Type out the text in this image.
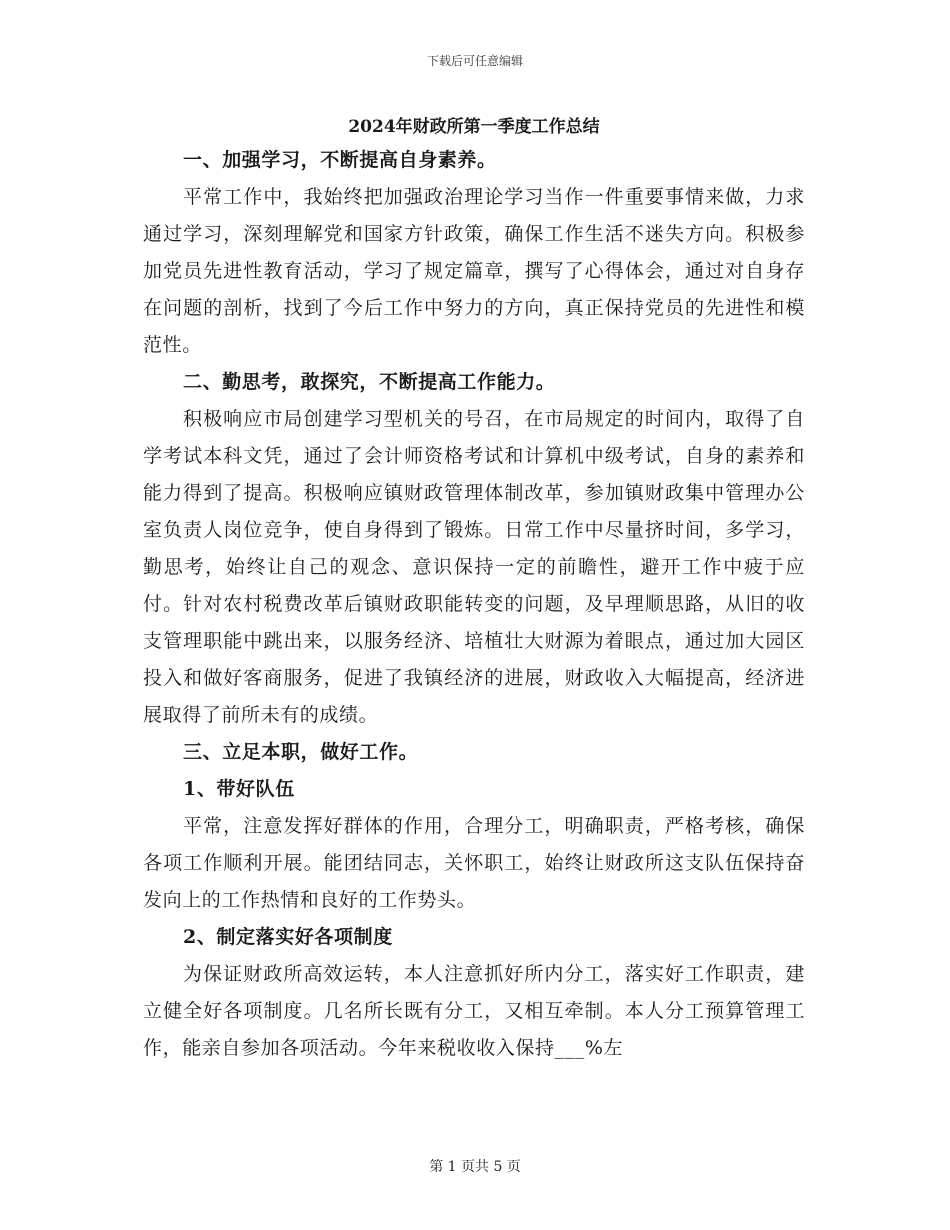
下载后可任意编辑
2024年财政所第一季度工作总结

一、加强学习，不断提高自身素养。

平常工作中，我始终把加强政治理论学习当作一件重要事情来做，力求通过学习，深刻理解党和国家方针政策，确保工作生活不迷失方向。积极参加党员先进性教育活动，学习了规定篇章，撰写了心得体会，通过对自身存在问题的剖析，找到了今后工作中努力的方向，真正保持党员的先进性和模范性。

二、勤思考，敢探究，不断提高工作能力。

积极响应市局创建学习型机关的号召，在市局规定的时间内，取得了自学考试本科文凭，通过了会计师资格考试和计算机中级考试，自身的素养和能力得到了提高。积极响应镇财政管理体制改革，参加镇财政集中管理办公室负责人岗位竞争，使自身得到了锻炼。日常工作中尽量挤时间，多学习，勤思考，始终让自己的观念、意识保持一定的前瞻性，避开工作中疲于应付。针对农村税费改革后镇财政职能转变的问题，及早理顺思路，从旧的收支管理职能中跳出来，以服务经济、培植壮大财源为着眼点，通过加大园区投入和做好客商服务，促进了我镇经济的进展，财政收入大幅提高，经济进展取得了前所未有的成绩。

三、立足本职，做好工作。

1、带好队伍

平常，注意发挥好群体的作用，合理分工，明确职责，严格考核，确保各项工作顺利开展。能团结同志，关怀职工，始终让财政所这支队伍保持奋发向上的工作热情和良好的工作势头。

2、制定落实好各项制度

为保证财政所高效运转，本人注意抓好所内分工，落实好工作职责，建立健全好各项制度。几名所长既有分工，又相互牵制。本人分工预算管理工作，能亲自参加各项活动。今年来税收收入保持___%左

第 1 页共 5 页
